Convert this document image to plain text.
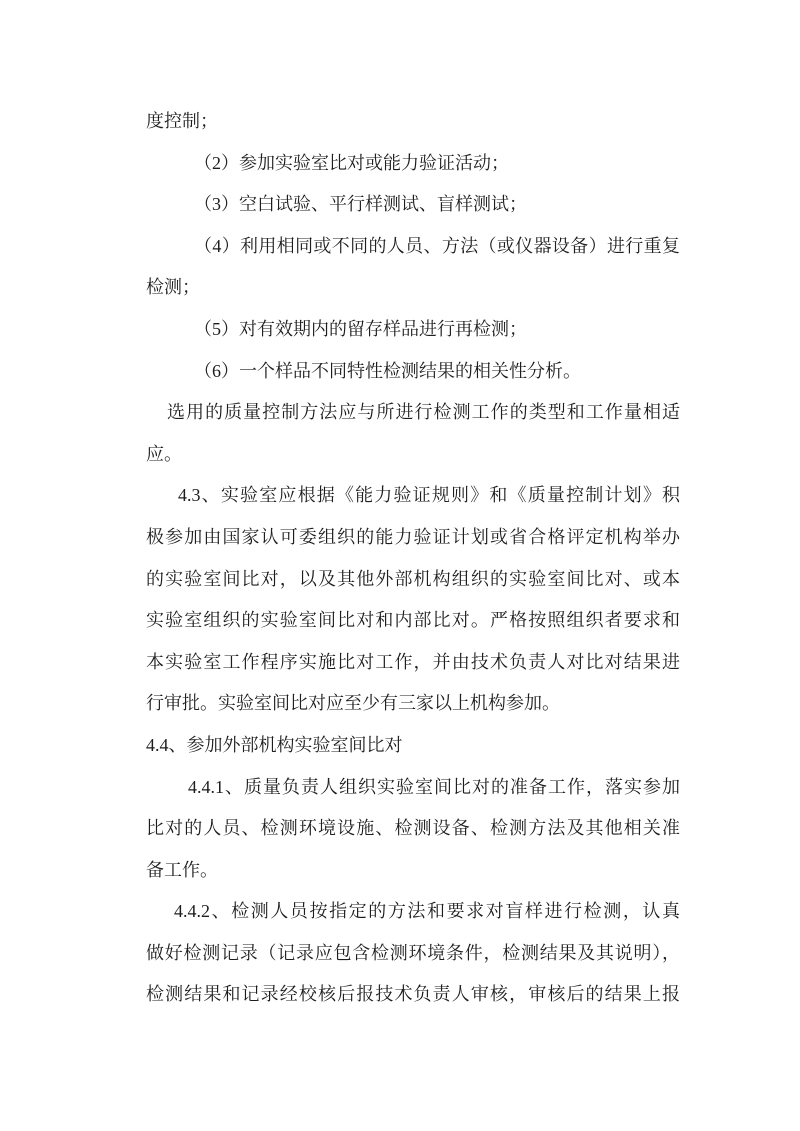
度控制；
（2）参加实验室比对或能力验证活动；
（3）空白试验、平行样测试、盲样测试；
（4）利用相同或不同的人员、方法（或仪器设备）进行重复
检测；
（5）对有效期内的留存样品进行再检测；
（6）一个样品不同特性检测结果的相关性分析。
选用的质量控制方法应与所进行检测工作的类型和工作量相适
应。
4.3、实验室应根据《能力验证规则》和《质量控制计划》积
极参加由国家认可委组织的能力验证计划或省合格评定机构举办
的实验室间比对，以及其他外部机构组织的实验室间比对、或本
实验室组织的实验室间比对和内部比对。严格按照组织者要求和
本实验室工作程序实施比对工作，并由技术负责人对比对结果进
行审批。实验室间比对应至少有三家以上机构参加。
4.4、参加外部机构实验室间比对
4.4.1、质量负责人组织实验室间比对的准备工作，落实参加
比对的人员、检测环境设施、检测设备、检测方法及其他相关准
备工作。
4.4.2、检测人员按指定的方法和要求对盲样进行检测，认真
做好检测记录（记录应包含检测环境条件，检测结果及其说明），
检测结果和记录经校核后报技术负责人审核，审核后的结果上报
